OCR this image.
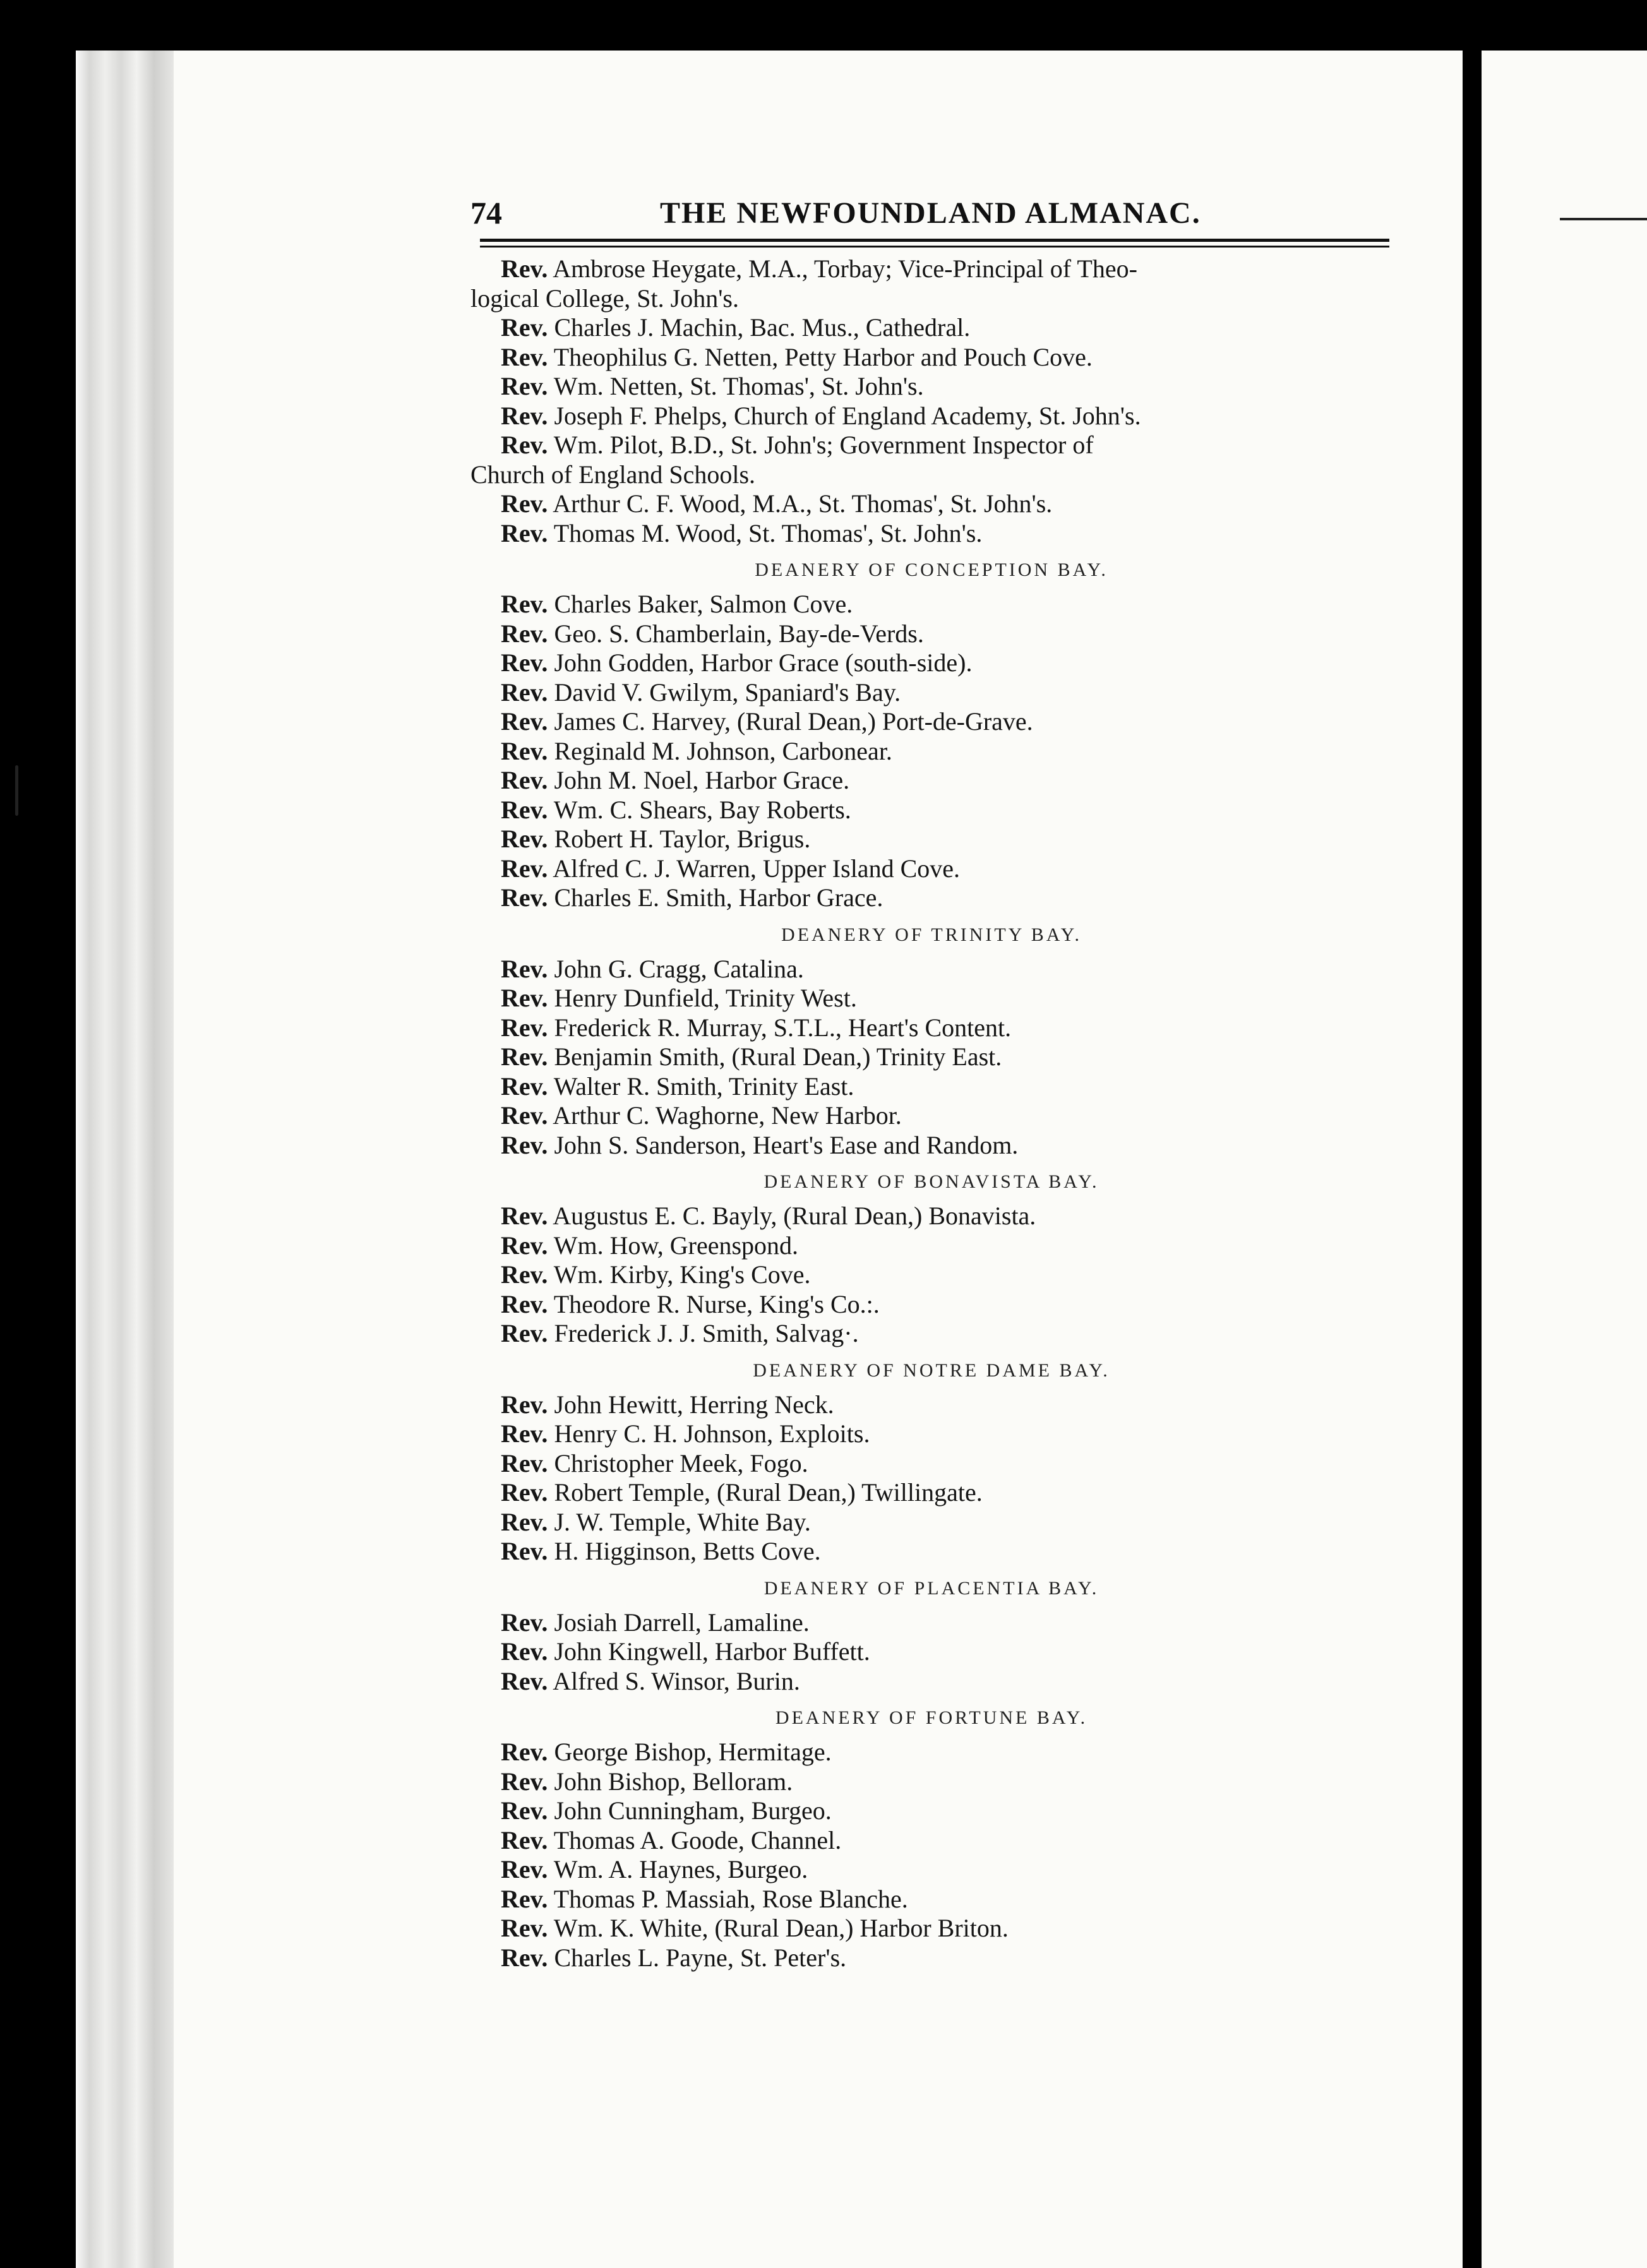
74	THE NEWFOUNDLAND ALMANAC.
Rev. Ambrose Heygate, M.A., Torbay; Vice-Principal of Theo-
logical College, St. John's.
Rev. Charles J. Machin, Bac. Mus., Cathedral.
Rev. Theophilus G. Netten, Petty Harbor and Pouch Cove.
Rev. Wm. Netten, St. Thomas', St. John's.
Rev. Joseph F. Phelps, Church of England Academy, St. John's.
Rev. Wm. Pilot, B.D., St. John's; Government Inspector of
Church of England Schools.
Rev. Arthur C. F. Wood, M.A., St. Thomas', St. John's.
Rev. Thomas M. Wood, St. Thomas', St. John's.
DEANERY OF CONCEPTION BAY.
Rev. Charles Baker, Salmon Cove.
Rev. Geo. S. Chamberlain, Bay-de-Verds.
Rev. John Godden, Harbor Grace (south-side).
Rev. David V. Gwilym, Spaniard's Bay.
Rev. James C. Harvey, (Rural Dean,) Port-de-Grave.
Rev. Reginald M. Johnson, Carbonear.
Rev. John M. Noel, Harbor Grace.
Rev. Wm. C. Shears, Bay Roberts.
Rev. Robert H. Taylor, Brigus.
Rev. Alfred C. J. Warren, Upper Island Cove.
Rev. Charles E. Smith, Harbor Grace.
DEANERY OF TRINITY BAY.
Rev. John G. Cragg, Catalina.
Rev. Henry Dunfield, Trinity West.
Rev. Frederick R. Murray, S.T.L., Heart's Content.
Rev. Benjamin Smith, (Rural Dean,) Trinity East.
Rev. Walter R. Smith, Trinity East.
Rev. Arthur C. Waghorne, New Harbor.
Rev. John S. Sanderson, Heart's Ease and Random.
DEANERY OF BONAVISTA BAY.
Rev. Augustus E. C. Bayly, (Rural Dean,) Bonavista.
Rev. Wm. How, Greenspond.
Rev. Wm. Kirby, King's Cove.
Rev. Theodore R. Nurse, King's Co.:.
Rev. Frederick J. J. Smith, Salvag·.
DEANERY OF NOTRE DAME BAY.
Rev. John Hewitt, Herring Neck.
Rev. Henry C. H. Johnson, Exploits.
Rev. Christopher Meek, Fogo.
Rev. Robert Temple, (Rural Dean,) Twillingate.
Rev. J. W. Temple, White Bay.
Rev. H. Higginson, Betts Cove.
DEANERY OF PLACENTIA BAY.
Rev. Josiah Darrell, Lamaline.
Rev. John Kingwell, Harbor Buffett.
Rev. Alfred S. Winsor, Burin.
DEANERY OF FORTUNE BAY.
Rev. George Bishop, Hermitage.
Rev. John Bishop, Belloram.
Rev. John Cunningham, Burgeo.
Rev. Thomas A. Goode, Channel.
Rev. Wm. A. Haynes, Burgeo.
Rev. Thomas P. Massiah, Rose Blanche.
Rev. Wm. K. White, (Rural Dean,) Harbor Briton.
Rev. Charles L. Payne, St. Peter's.
